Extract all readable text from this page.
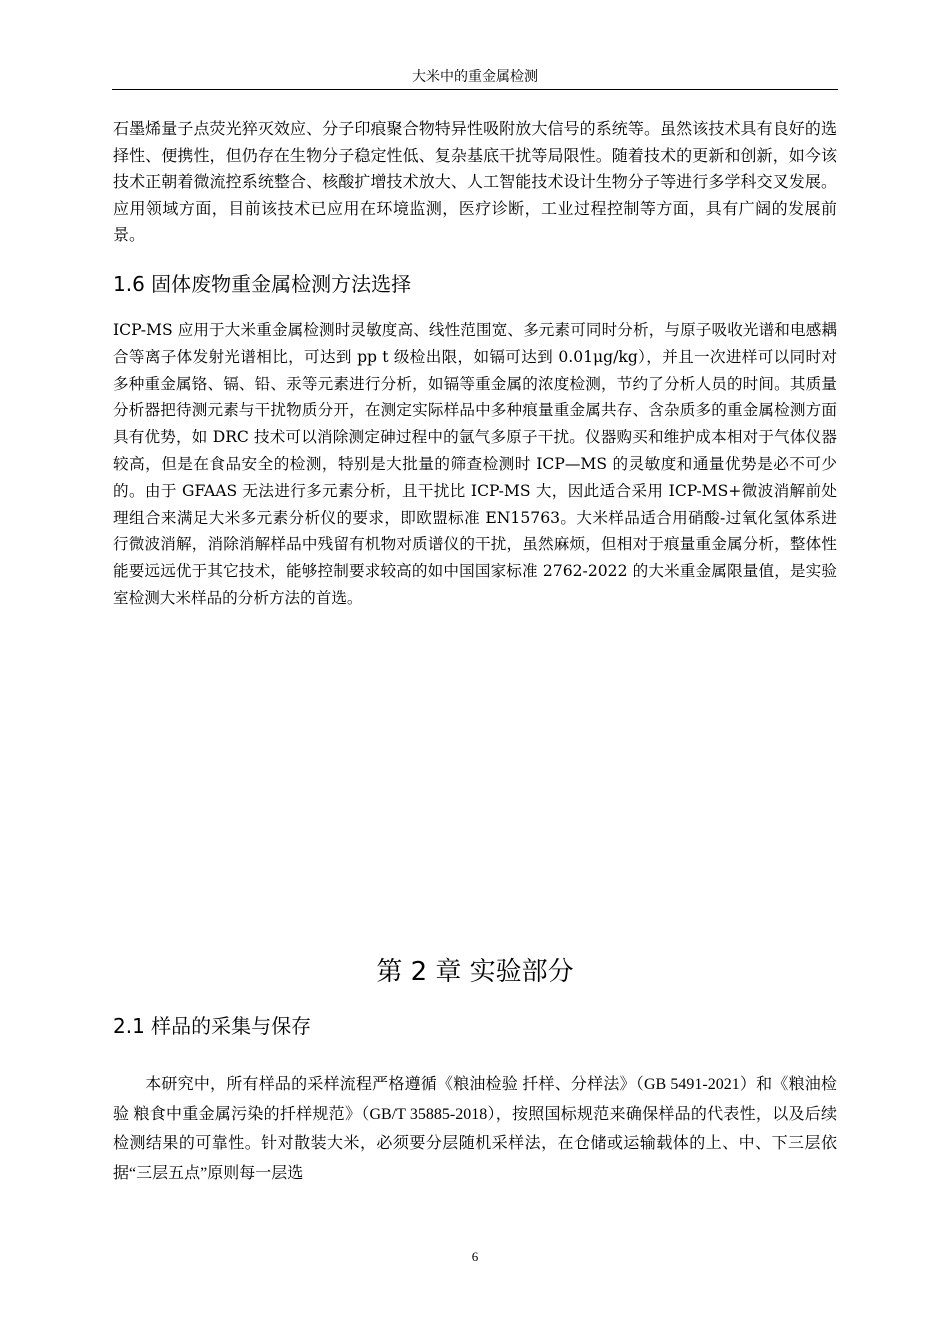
大米中的重金属检测

石墨烯量子点荧光猝灭效应、分子印痕聚合物特异性吸附放大信号的系统等。虽然该技术具有良好的选择性、便携性，但仍存在生物分子稳定性低、复杂基底干扰等局限性。随着技术的更新和创新，如今该技术正朝着微流控系统整合、核酸扩增技术放大、人工智能技术设计生物分子等进行多学科交叉发展。应用领域方面，目前该技术已应用在环境监测，医疗诊断，工业过程控制等方面，具有广阔的发展前景。

1.6 固体废物重金属检测方法选择

ICP-MS 应用于大米重金属检测时灵敏度高、线性范围宽、多元素可同时分析，与原子吸收光谱和电感耦合等离子体发射光谱相比，可达到 pp t 级检出限，如镉可达到 0.01μg/kg），并且一次进样可以同时对多种重金属铬、镉、铅、汞等元素进行分析，如镉等重金属的浓度检测，节约了分析人员的时间。其质量分析器把待测元素与干扰物质分开，在测定实际样品中多种痕量重金属共存、含杂质多的重金属检测方面具有优势，如 DRC 技术可以消除测定砷过程中的氩气多原子干扰。仪器购买和维护成本相对于气体仪器较高，但是在食品安全的检测，特别是大批量的筛查检测时 ICP—MS 的灵敏度和通量优势是必不可少的。由于 GFAAS 无法进行多元素分析，且干扰比 ICP-MS 大，因此适合采用 ICP-MS+微波消解前处理组合来满足大米多元素分析仪的要求，即欧盟标准 EN15763。大米样品适合用硝酸-过氧化氢体系进行微波消解，消除消解样品中残留有机物对质谱仪的干扰，虽然麻烦，但相对于痕量重金属分析，整体性能要远远优于其它技术，能够控制要求较高的如中国国家标准 2762-2022 的大米重金属限量值，是实验室检测大米样品的分析方法的首选。

第 2 章 实验部分
2.1 样品的采集与保存

本研究中，所有样品的采样流程严格遵循《粮油检验 扦样、分样法》（GB 5491-2021）和《粮油检验 粮食中重金属污染的扦样规范》（GB/T 35885-2018），按照国标规范来确保样品的代表性，以及后续检测结果的可靠性。针对散装大米，必须要分层随机采样法，在仓储或运输载体的上、中、下三层依据“三层五点”原则每一层选

6
